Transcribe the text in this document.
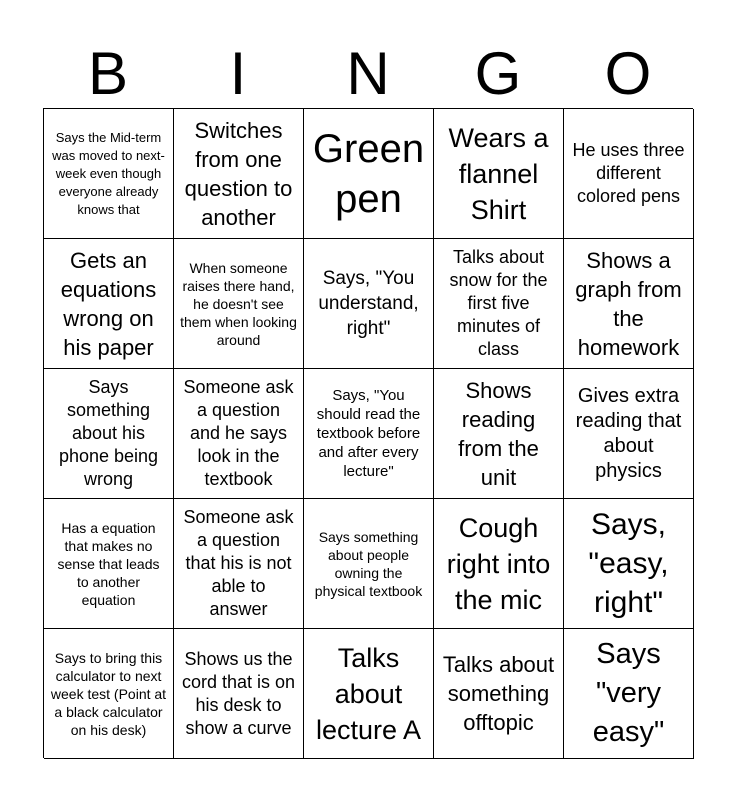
B	I	N	G	O
Says the Mid-term was moved to next-week even though everyone already knows that
Switches from one question to another
Green pen
Wears a flannel Shirt
He uses three different colored pens
Gets an equations wrong on his paper
When someone raises there hand, he doesn't see them when looking around
Says, "You understand, right"
Talks about snow for the first five minutes of class
Shows a graph from the homework
Says something about his phone being wrong
Someone ask a question and he says look in the textbook
Says, "You should read the textbook before and after every lecture"
Shows reading from the unit
Gives extra reading that about physics
Has a equation that makes no sense that leads to another equation
Someone ask a question that his is not able to answer
Says something about people owning the physical textbook
Cough right into the mic
Says, "easy, right"
Says to bring this calculator to next week test (Point at a black calculator on his desk)
Shows us the cord that is on his desk to show a curve
Talks about lecture A
Talks about something offtopic
Says "very easy"
